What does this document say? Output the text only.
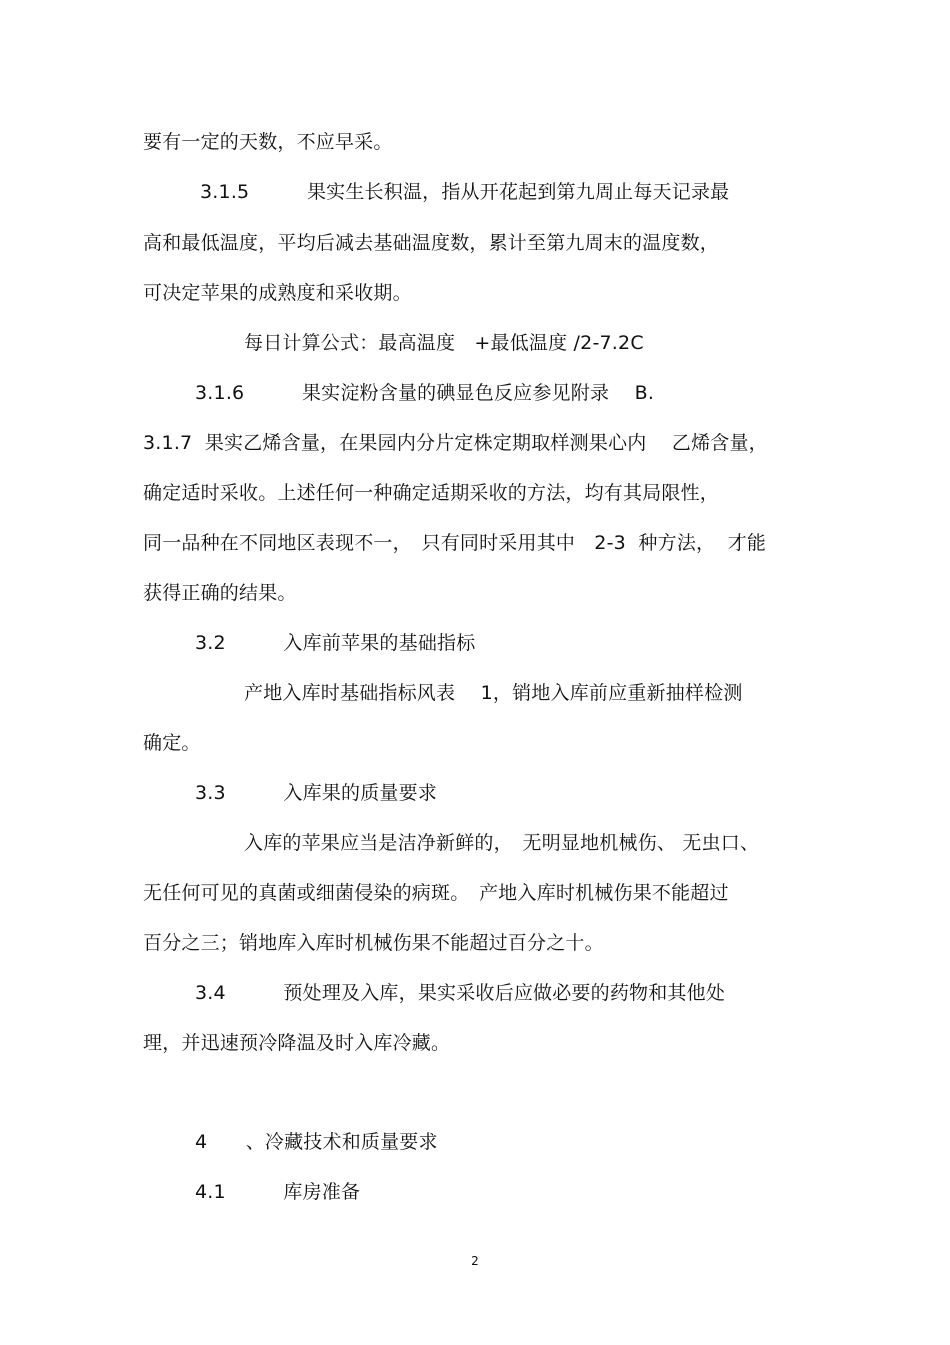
要有一定的天数，不应早采。
3.1.5　　　果实生长积温，指从开花起到第九周止每天记录最
高和最低温度，平均后减去基础温度数，累计至第九周末的温度数，
可决定苹果的成熟度和采收期。
每日计算公式：最高温度　+最低温度 /2-7.2C
3.1.6　　　果实淀粉含量的碘显色反应参见附录　 B.
3.1.7  果实乙烯含量，在果园内分片定株定期取样测果心内　 乙烯含量，
确定适时采收。上述任何一种确定适期采收的方法，均有其局限性，
同一品种在不同地区表现不一，　只有同时采用其中　2-3  种方法，  才能
获得正确的结果。
3.2　　　入库前苹果的基础指标
产地入库时基础指标风表　 1，销地入库前应重新抽样检测
确定。
3.3　　　入库果的质量要求
入库的苹果应当是洁净新鲜的，　无明显地机械伤、 无虫口、
无任何可见的真菌或细菌侵染的病斑。　产地入库时机械伤果不能超过
百分之三；销地库入库时机械伤果不能超过百分之十。
3.4　　　预处理及入库，果实采收后应做必要的药物和其他处
理，并迅速预冷降温及时入库冷藏。
4　　、冷藏技术和质量要求
4.1　　　库房准备
2
